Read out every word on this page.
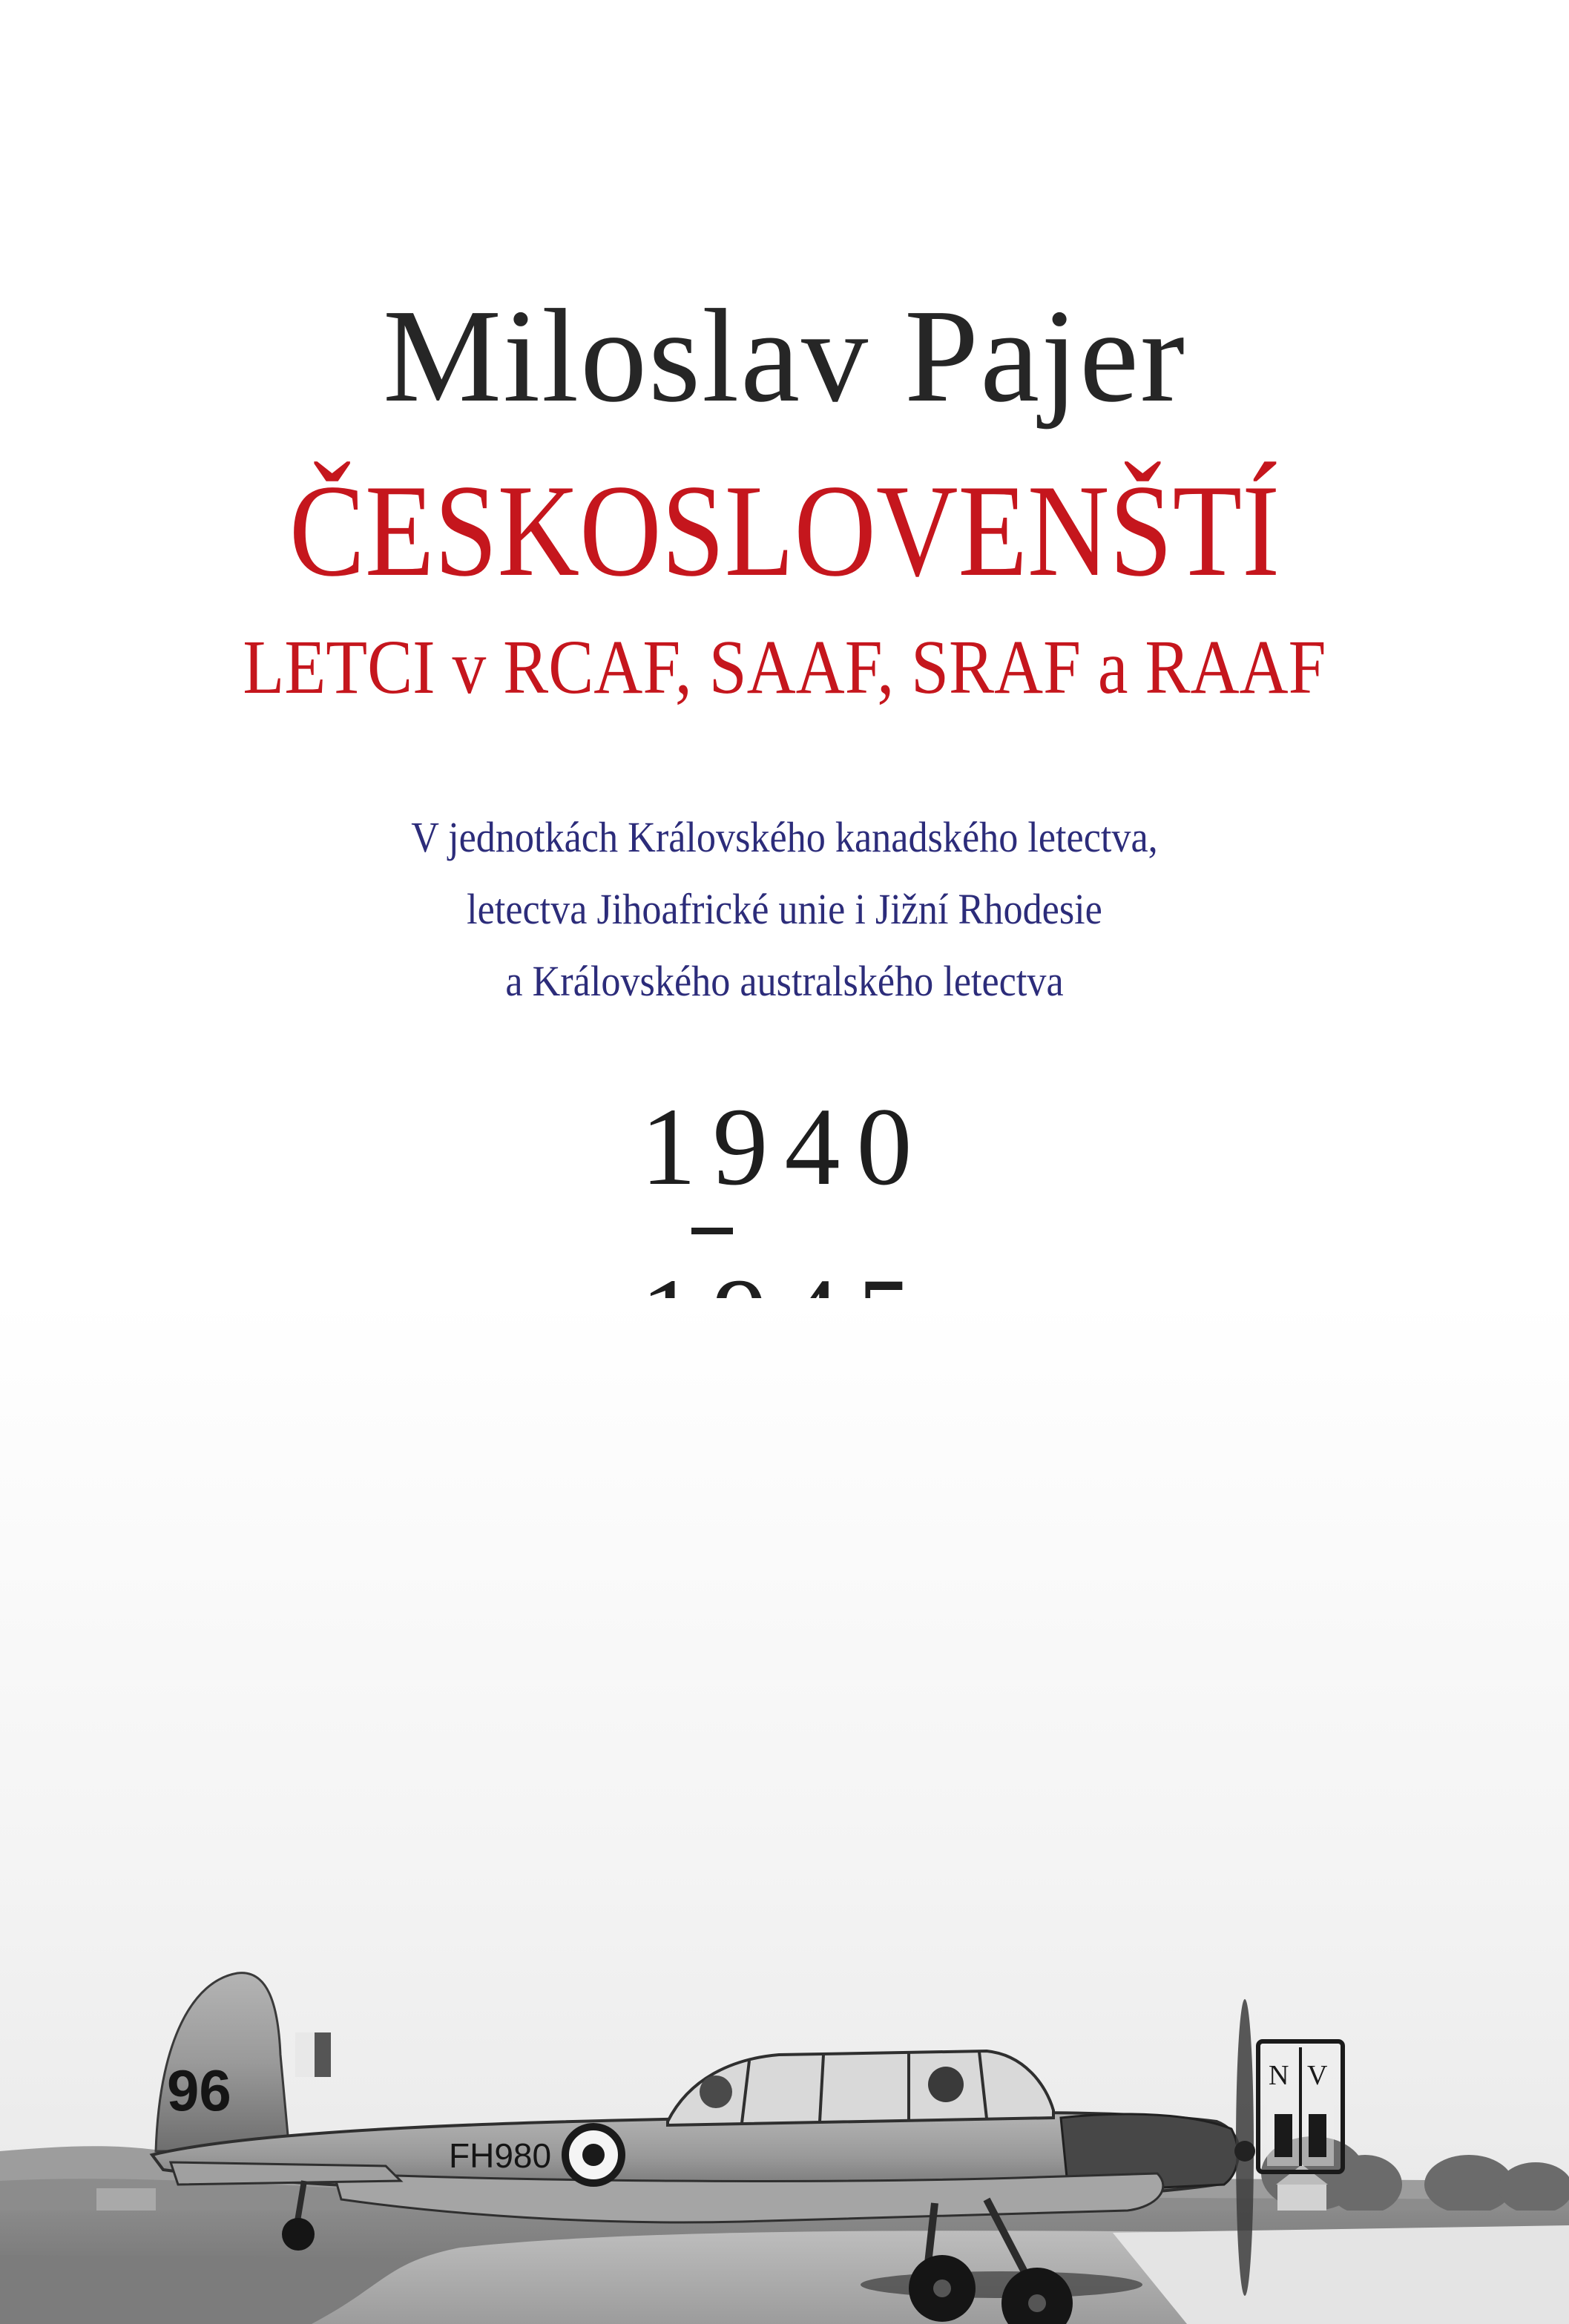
Miloslav Pajer
ČESKOSLOVENŠTÍ
LETCI v RCAF, SAAF, SRAF a RAAF
V jednotkách Královského kanadského letectva,
letectva Jihoafrické unie i Jižní Rhodesie
a Královského australského letectva
1940
96
FH980
N V
